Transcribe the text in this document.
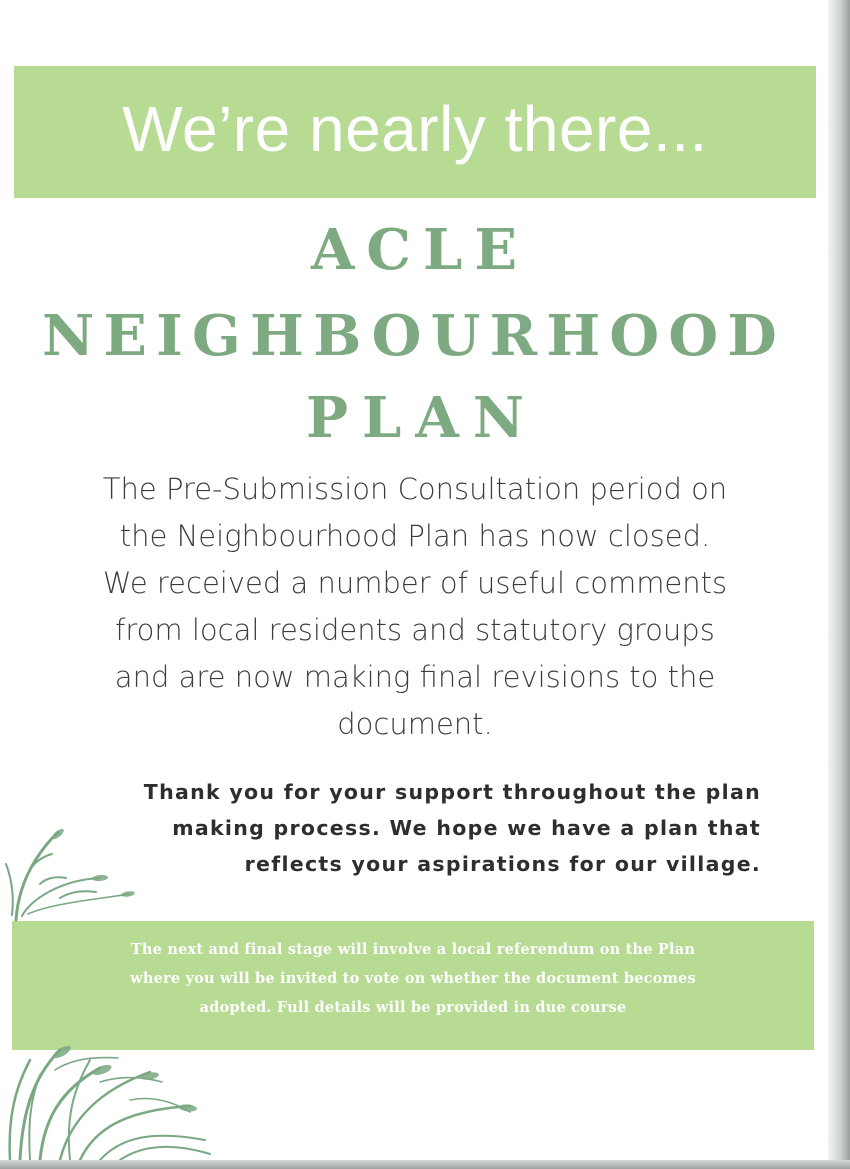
We’re nearly there...
ACLE
NEIGHBOURHOOD
PLAN
The Pre-Submission Consultation period on
the Neighbourhood Plan has now closed.
We received a number of useful comments
from local residents and statutory groups
and are now making final revisions to the
document.
Thank you for your support throughout the plan
making process. We hope we have a plan that
reflects your aspirations for our village.

The next and final stage will involve a local referendum on the Plan
where you will be invited to vote on whether the document becomes
adopted. Full details will be provided in due course
